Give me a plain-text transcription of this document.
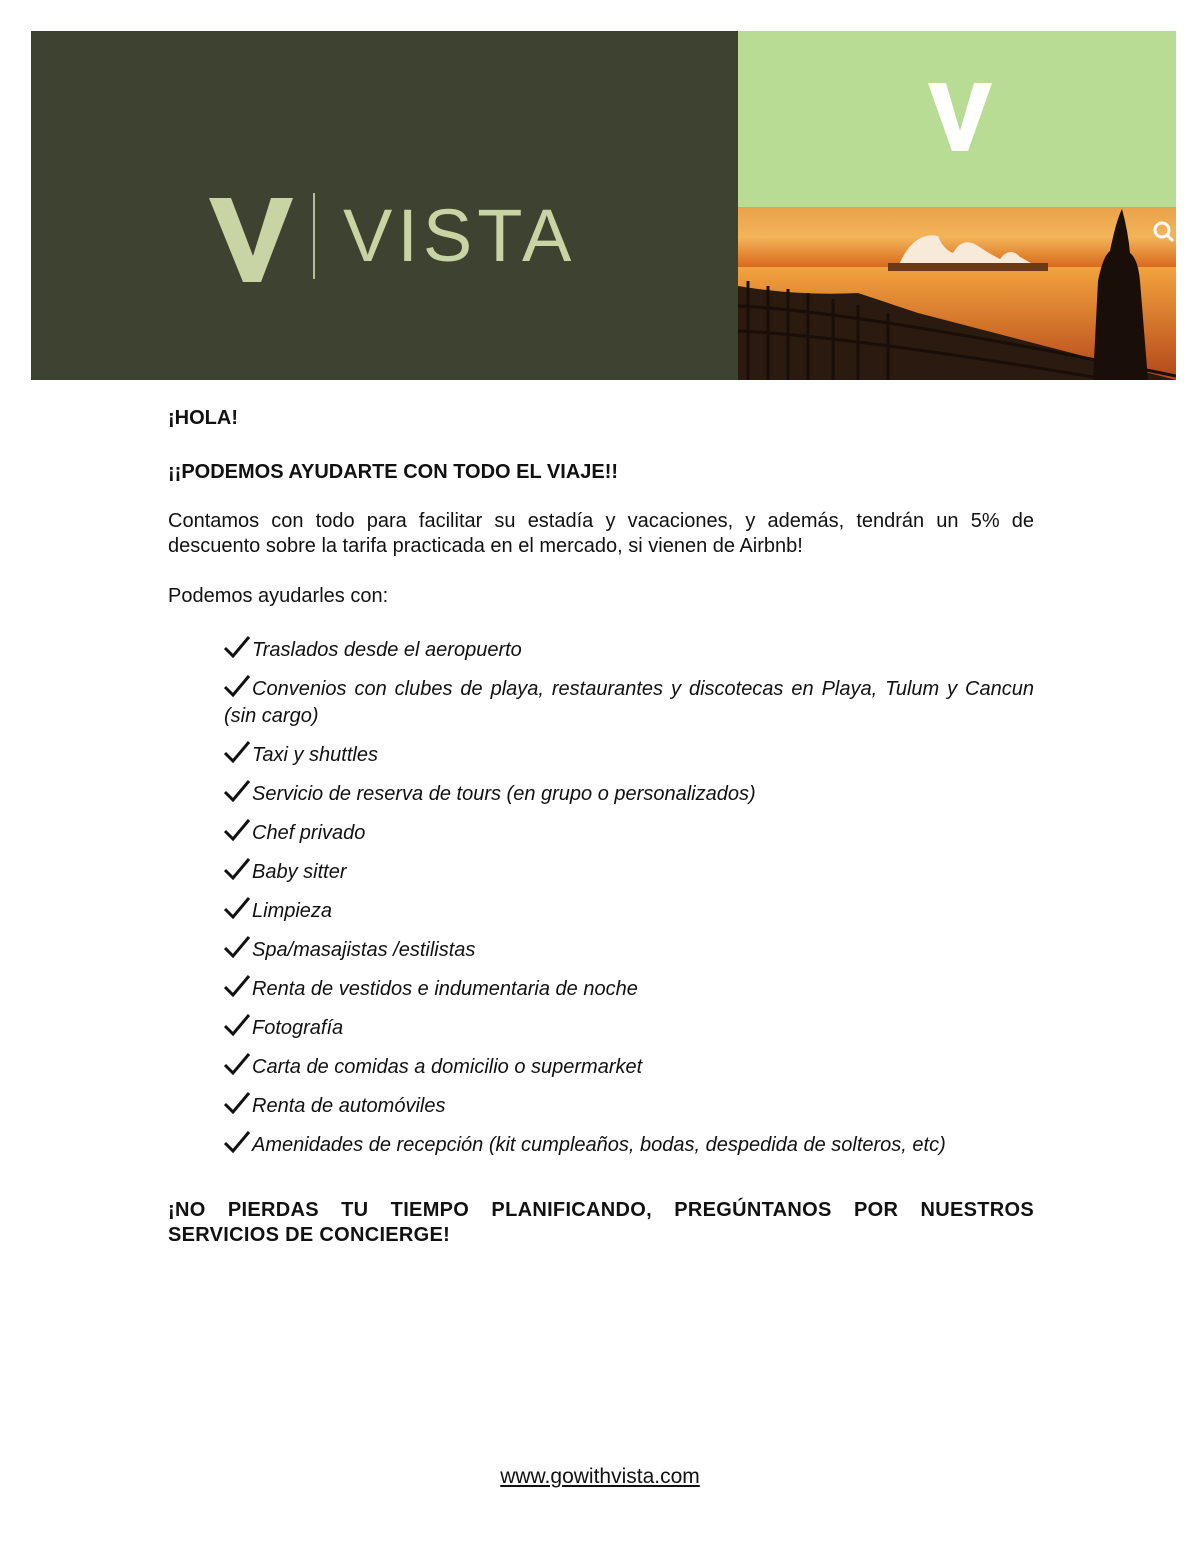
VISTA

¡HOLA!

¡¡PODEMOS AYUDARTE CON TODO EL VIAJE!!

Contamos con todo para facilitar su estadía y vacaciones, y además, tendrán un 5% de descuento sobre la tarifa practicada en el mercado, si vienen de Airbnb!

Podemos ayudarles con:

Traslados desde el aeropuerto
Convenios con clubes de playa, restaurantes y discotecas en Playa, Tulum y Cancun (sin cargo)
Taxi y shuttles
Servicio de reserva de tours (en grupo o personalizados)
Chef privado
Baby sitter
Limpieza
Spa/masajistas /estilistas
Renta de vestidos e indumentaria de noche
Fotografía
Carta de comidas a domicilio o supermarket
Renta de automóviles
Amenidades de recepción (kit cumpleaños, bodas, despedida de solteros, etc)

¡NO PIERDAS TU TIEMPO PLANIFICANDO, PREGÚNTANOS POR NUESTROS SERVICIOS DE CONCIERGE!

www.gowithvista.com
